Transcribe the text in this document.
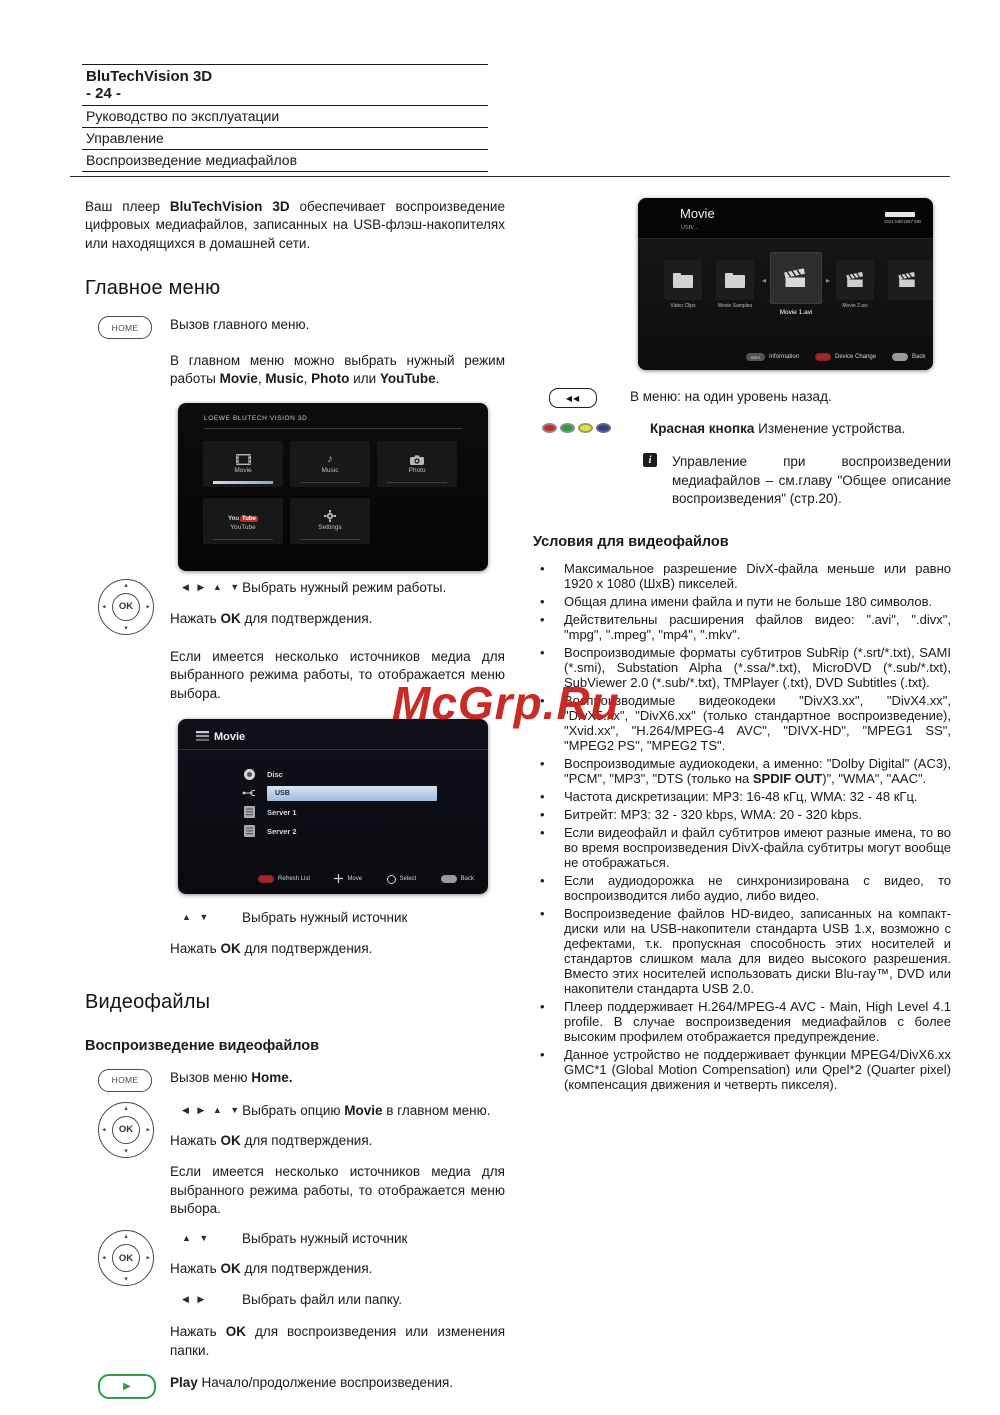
BluTechVision 3D
- 24 -
Руководство по эксплуатации
Управление
Воспроизведение медиафайлов

Ваш плеер BluTechVision 3D обеспечивает воспроизведение цифровых медиафайлов, записанных на USB-флэш-накопителях или находящихся в домашней сети.

Главное меню
HOME	Вызов главного меню.

В главном меню можно выбрать нужный режим работы Movie, Music, Photo или YouTube.

LOEWE BLUTECH VISION 3D
Movie
♪
Music	Photo
You Tube
YouTube	Settings
▴
▾
◂	▸
OK
◀ ▶ ▲ ▼ Выбрать нужный режим работы.

Нажать OK для подтверждения.

Если имеется несколько источников медиа для выбранного режима работы, то отображается меню выбора.

Movie
Disc
USB
Server 1
Server 2
Refresh List	Move	Select	Back
▲ ▼	Выбрать нужный источник

Нажать OK для подтверждения.

Видеофайлы
Воспроизведение видеофайлов
HOME	Вызов меню Home.

▴
▾
◂	▸
OK
◀ ▶ ▲ ▼ Выбрать опцию Movie в главном меню.

Нажать OK для подтверждения.

Если имеется несколько источников медиа для выбранного режима работы, то отображается меню выбора.

▴
▾
◂	▸
OK
▲ ▼	Выбрать нужный источник

Нажать OK для подтверждения.

◀ ▶	Выбрать файл или папку.

Нажать OK для воспроизведения или изменения папки.

▶	Play Начало/продолжение воспроизведения.

Movie
USB/...
1921 MB/1987 MB
Video Clips	Movie Samples
◂
Movie 1.avi
▸
Movie 2.avi
INFO	Information	Device Change	Back
◀◀	В меню: на один уровень назад.
Красная кнопка Изменение устройства.
i	Управление при воспроизведении медиафайлов – см.главу "Общее описание воспроизведения" (стр.20).
Условия для видеофайлов
• Максимальное разрешение DivX-файла меньше или равно 1920 х 1080 (ШхВ) пикселей.
• Общая длина имени файла и пути не больше 180 символов.
• Действительны расширения файлов видео: ".avi", ".divx", "mpg", ".mpeg", "mp4", ".mkv".
• Воспроизводимые форматы субтитров SubRip (*.srt/*.txt), SAMI (*.smi), Substation Alpha (*.ssa/*.txt), MicroDVD (*.sub/*.txt), SubViewer 2.0 (*.sub/*.txt), TMPlayer (.txt), DVD Subtitles (.txt).
• Воспроизводимые видеокодеки "DivX3.xx", "DivX4.xx", "DivX5.xx", "DivX6.xx" (только стандартное воспроизведение), "Xvid.xx", "H.264/MPEG-4 AVC", "DIVX-HD", "MPEG1 SS", "MPEG2 PS", "MPEG2 TS".
• Воспроизводимые аудиокодеки, а именно: "Dolby Digital" (AC3), "PCM", "MP3", "DTS (только на SPDIF OUT)", "WMA", "AAC".
• Частота дискретизации: MP3: 16-48 кГц, WMA: 32 - 48 кГц.
• Битрейт: MP3: 32 - 320 kbps, WMA: 20 - 320 kbps.
• Если видеофайл и файл субтитров имеют разные имена, то во во время воспроизведения DivX-файла субтитры могут вообще не отображаться.
• Если аудиодорожка не синхронизирована с видео, то воспроизводится либо аудио, либо видео.
• Воспроизведение файлов HD-видео, записанных на компакт-диски или на USB-накопители стандарта USB 1.x, возможно с дефектами, т.к. пропускная способность этих носителей и стандартов слишком мала для видео высокого разрешения. Вместо этих носителей использовать диски Blu-ray™, DVD или накопители стандарта USB 2.0.
• Плеер поддерживает H.264/MPEG-4 AVC - Main, High Level 4.1 profile. В случае воспроизведения медиафайлов с более высоким профилем отображается предупреждение.
• Данное устройство не поддерживает функции MPEG4/DivX6.xx GMC*1 (Global Motion Compensation) или Qpel*2 (Quarter pixel) (компенсация движения и четверть пикселя).
McGrp.Ru
